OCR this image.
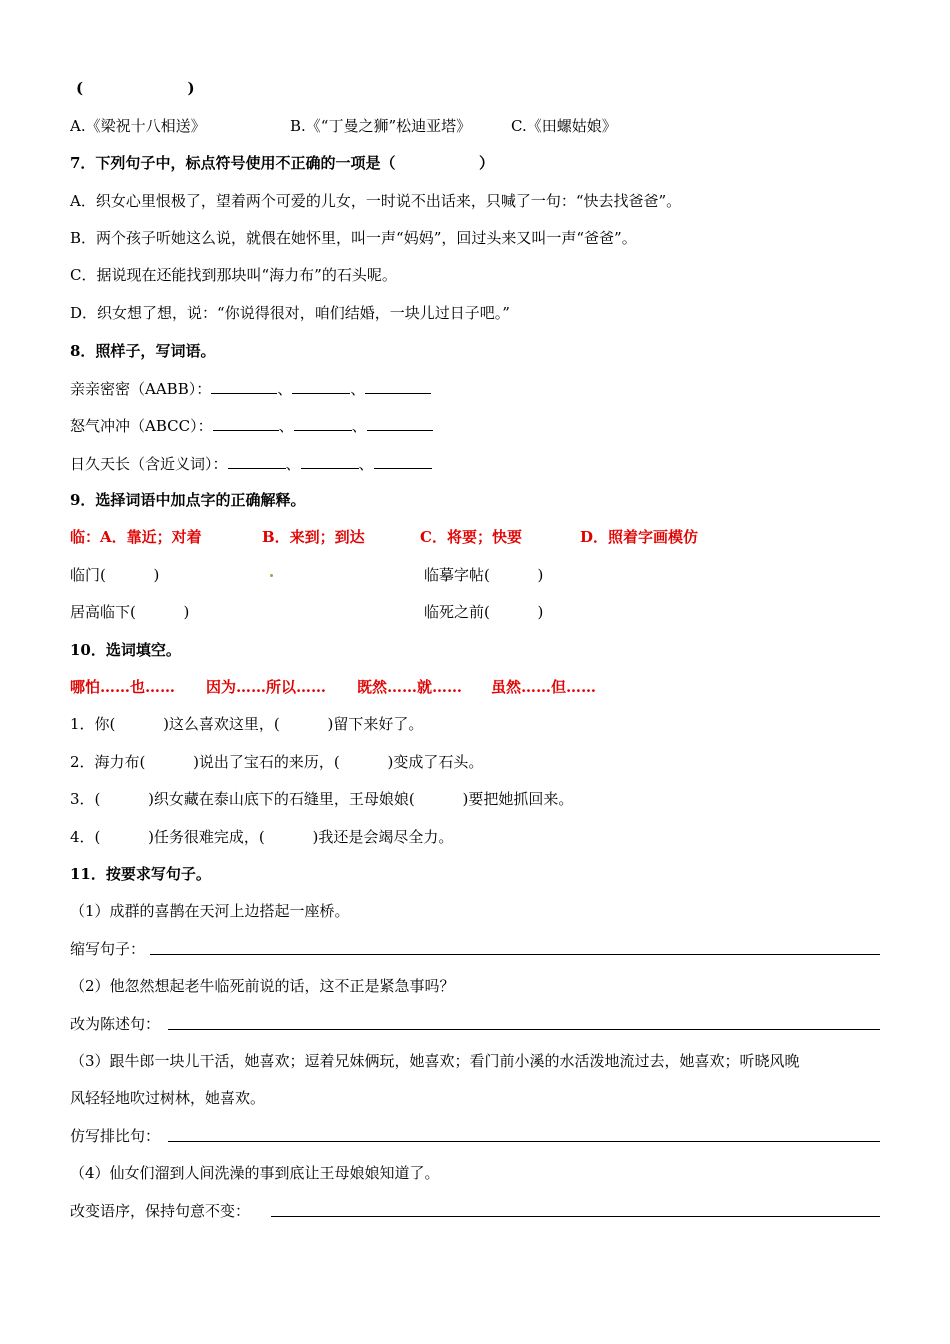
(                    )
A.《梁祝十八相送》	B.《“丁曼之狮”松迪亚塔》	C.《田螺姑娘》
7．下列句子中，标点符号使用不正确的一项是（                ）
A．织女心里恨极了，望着两个可爱的儿女，一时说不出话来，只喊了一句：“快去找爸爸”。
B．两个孩子听她这么说，就偎在她怀里，叫一声“妈妈”，回过头来又叫一声“爸爸”。
C．据说现在还能找到那块叫“海力布”的石头呢。
D．织女想了想，说：“你说得很对，咱们结婚，一块儿过日子吧。”
8．照样子，写词语。
亲亲密密（AABB）：	、	、
怒气冲冲（ABCC）：	、	、
日久天长（含近义词）：	、	、
9．选择词语中加点字的正确解释。
临：A．靠近；对着	B．来到；到达	C．将要；快要	D．照着字画模仿
临门(          )	临摹字帖(          )
居高临下(          )	临死之前(          )
10．选词填空。
哪怕……也…… 因为……所以…… 既然……就…… 虽然……但……
1．你(          )这么喜欢这里，(          )留下来好了。
2．海力布(          )说出了宝石的来历，(          )变成了石头。
3．(          )织女藏在泰山底下的石缝里，王母娘娘(          )要把她抓回来。
4．(          )任务很难完成，(          )我还是会竭尽全力。
11．按要求写句子。
（1）成群的喜鹊在天河上边搭起一座桥。
缩写句子：
（2）他忽然想起老牛临死前说的话，这不正是紧急事吗？
改为陈述句：
（3）跟牛郎一块儿干活，她喜欢；逗着兄妹俩玩，她喜欢；看门前小溪的水活泼地流过去，她喜欢；听晓风晚
风轻轻地吹过树林，她喜欢。
仿写排比句：
（4）仙女们溜到人间洗澡的事到底让王母娘娘知道了。
改变语序，保持句意不变：
